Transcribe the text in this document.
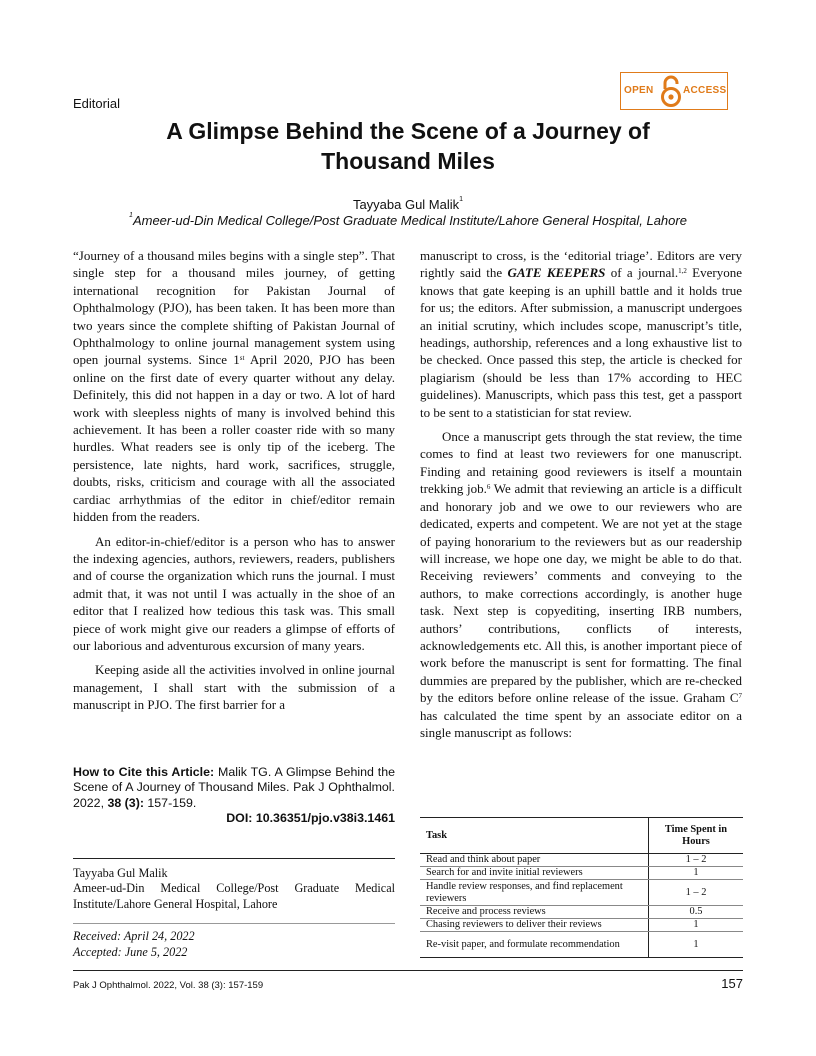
Editorial
OPEN	ACCESS
A Glimpse Behind the Scene of a Journey of
Thousand Miles
Tayyaba Gul Malik$^1$
$^1$Ameer-ud-Din Medical College/Post Graduate Medical Institute/Lahore General Hospital, Lahore

“Journey of a thousand miles begins with a single step”. That single step for a thousand miles journey, of getting international recognition for Pakistan Journal of Ophthalmology (PJO), has been taken. It has been more than two years since the complete shifting of Pakistan Journal of Ophthalmology to online journal management system using open journal systems. Since 1st April 2020, PJO has been online on the first date of every quarter without any delay. Definitely, this did not happen in a day or two. A lot of hard work with sleepless nights of many is involved behind this achievement. It has been a roller coaster ride with so many hurdles. What readers see is only tip of the iceberg. The persistence, late nights, hard work, sacrifices, struggle, doubts, risks, criticism and courage with all the associated cardiac arrhythmias of the editor in chief/editor remain hidden from the readers.

An editor-in-chief/editor is a person who has to answer the indexing agencies, authors, reviewers, readers, publishers and of course the organization which runs the journal. I must admit that, it was not until I was actually in the shoe of an editor that I realized how tedious this task was. This small piece of work might give our readers a glimpse of efforts of our laborious and adventurous excursion of many years.

Keeping aside all the activities involved in online journal management, I shall start with the submission of a manuscript in PJO. The first barrier for a

How to Cite this Article: Malik TG. A Glimpse Behind the Scene of A Journey of Thousand Miles. Pak J Ophthalmol. 2022, 38 (3): 157-159.
DOI: 10.36351/pjo.v38i3.1461
Tayyaba Gul Malik
Ameer-ud-Din Medical College/Post Graduate Medical Institute/Lahore General Hospital, Lahore
Received: April 24, 2022
Accepted: June 5, 2022

manuscript to cross, is the ‘editorial triage’. Editors are very rightly said the GATE KEEPERS of a journal.$^{1,2}$ Everyone knows that gate keeping is an uphill battle and it holds true for us; the editors. After submission, a manuscript undergoes an initial scrutiny, which includes scope, manuscript’s title, headings, authorship, references and a long exhaustive list to be checked. Once passed this step, the article is checked for plagiarism (should be less than 17% according to HEC guidelines). Manuscripts, which pass this test, get a passport to be sent to a statistician for stat review.

Once a manuscript gets through the stat review, the time comes to find at least two reviewers for one manuscript. Finding and retaining good reviewers is itself a mountain trekking job.$^6$ We admit that reviewing an article is a difficult and honorary job and we owe to our reviewers who are dedicated, experts and competent. We are not yet at the stage of paying honorarium to the reviewers but as our readership will increase, we hope one day, we might be able to do that. Receiving reviewers’ comments and conveying to the authors, to make corrections accordingly, is another huge task. Next step is copyediting, inserting IRB numbers, authors’ contributions, conflicts of interests, acknowledgements etc. All this, is another important piece of work before the manuscript is sent for formatting. The final dummies are prepared by the publisher, which are re-checked by the editors before online release of the issue. Graham $C^7$ has calculated the time spent by an associate editor on a single manuscript as follows:

Task	Time Spent in Hours
Read and think about paper	1 – 2
Search for and invite initial reviewers	1
Handle review responses, and find replacement reviewers	1 – 2
Receive and process reviews	0.5
Chasing reviewers to deliver their reviews	1
Re-visit paper, and formulate recommendation	1
Pak J Ophthalmol. 2022, Vol. 38 (3): 157-159	157
